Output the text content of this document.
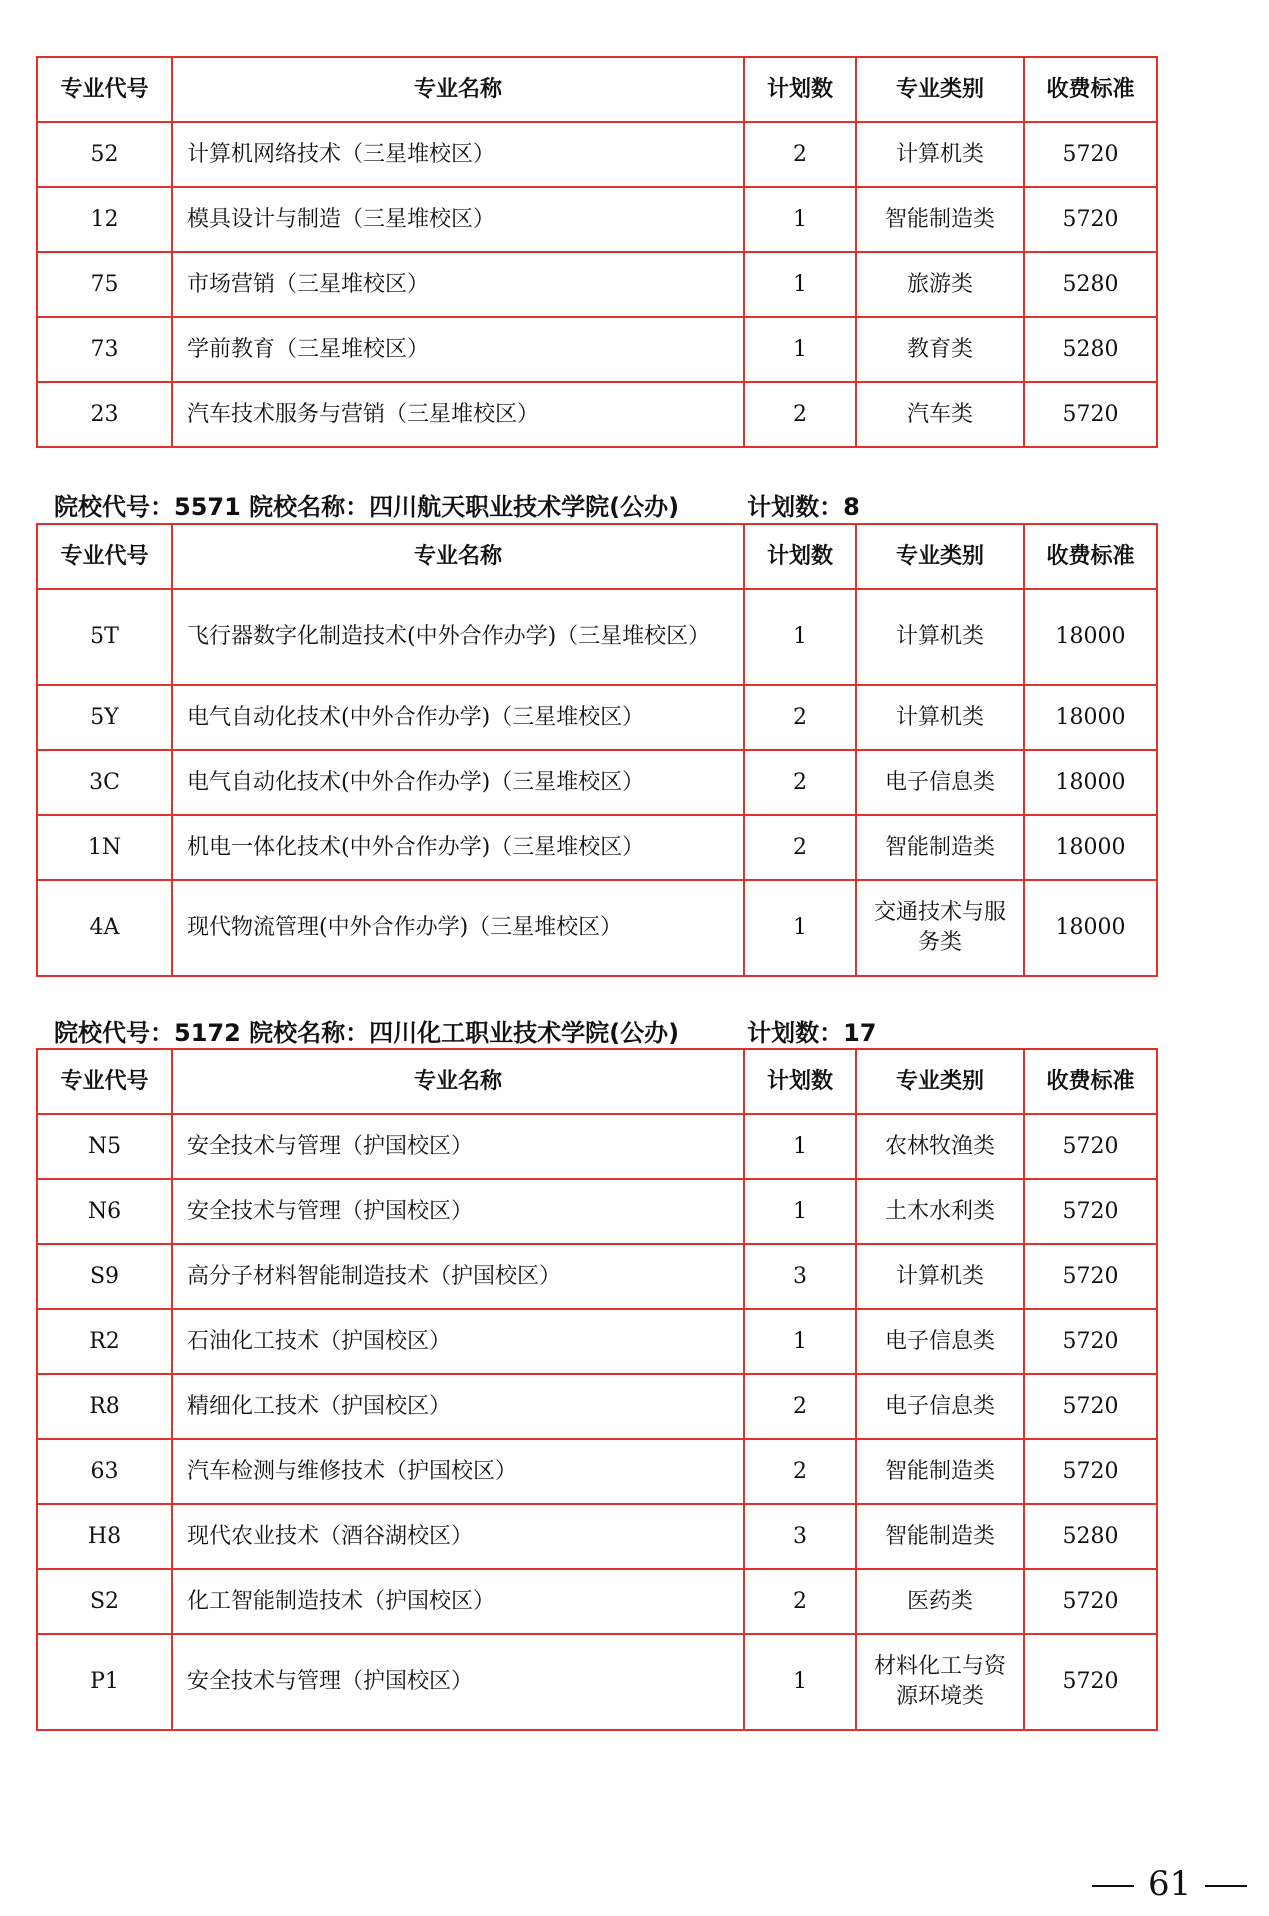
专业代号	专业名称	计划数	专业类别	收费标准
52	计算机网络技术（三星堆校区）	2	计算机类	5720
12	模具设计与制造（三星堆校区）	1	智能制造类	5720
75	市场营销（三星堆校区）	1	旅游类	5280
73	学前教育（三星堆校区）	1	教育类	5280
23	汽车技术服务与营销（三星堆校区）	2	汽车类	5720
院校代号：5571 院校名称：四川航天职业技术学院(公办)	计划数：8
专业代号	专业名称	计划数	专业类别	收费标准
5T	飞行器数字化制造技术(中外合作办学)（三星堆校区）	1	计算机类	18000
5Y	电气自动化技术(中外合作办学)（三星堆校区）	2	计算机类	18000
3C	电气自动化技术(中外合作办学)（三星堆校区）	2	电子信息类	18000
1N	机电一体化技术(中外合作办学)（三星堆校区）	2	智能制造类	18000
4A	现代物流管理(中外合作办学)（三星堆校区）	1	交通技术与服务类	18000
院校代号：5172 院校名称：四川化工职业技术学院(公办)	计划数：17
专业代号	专业名称	计划数	专业类别	收费标准
N5	安全技术与管理（护国校区）	1	农林牧渔类	5720
N6	安全技术与管理（护国校区）	1	土木水利类	5720
S9	高分子材料智能制造技术（护国校区）	3	计算机类	5720
R2	石油化工技术（护国校区）	1	电子信息类	5720
R8	精细化工技术（护国校区）	2	电子信息类	5720
63	汽车检测与维修技术（护国校区）	2	智能制造类	5720
H8	现代农业技术（酒谷湖校区）	3	智能制造类	5280
S2	化工智能制造技术（护国校区）	2	医药类	5720
P1	安全技术与管理（护国校区）	1	材料化工与资源环境类	5720
61
